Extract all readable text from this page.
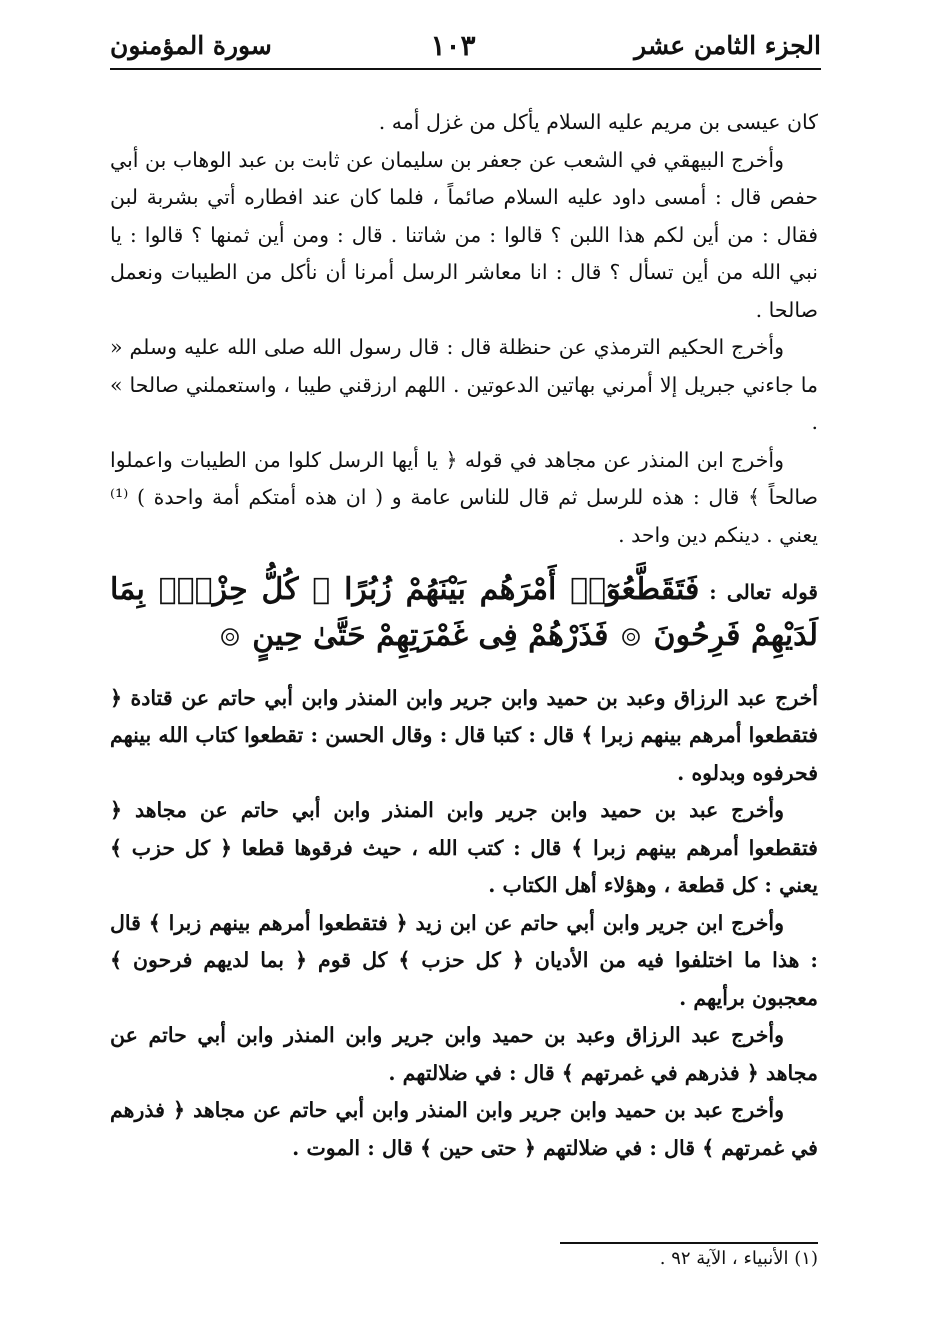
الجزء الثامن عشر
١٠٣
سورة المؤمنون

كان عيسى بن مريم عليه السلام يأكل من غزل أمه .

وأخرج البيهقي في الشعب عن جعفر بن سليمان عن ثابت بن عبد الوهاب بن أبي حفص قال : أمسى داود عليه السلام صائماً ، فلما كان عند افطاره أتي بشربة لبن فقال : من أين لكم هذا اللبن ؟ قالوا : من شاتنا . قال : ومن أين ثمنها ؟ قالوا : يا نبي الله من أين تسأل ؟ قال : انا معاشر الرسل أمرنا أن نأكل من الطيبات ونعمل صالحا .

وأخرج الحكيم الترمذي عن حنظلة قال : قال رسول الله صلى الله عليه وسلم « ما جاءني جبريل إلا أمرني بهاتين الدعوتين . اللهم ارزقني طيبا ، واستعملني صالحا » .

وأخرج ابن المنذر عن مجاهد في قوله ﴿ يا أيها الرسل كلوا من الطيبات واعملوا صالحاً ﴾ قال : هذه للرسل ثم قال للناس عامة و ( ان هذه أمتكم أمة واحدة ) ⁽¹⁾ يعني . دينكم دين واحد .

قوله تعالى : فَتَقَطَّعُوٓا۟ أَمْرَهُم بَيْنَهُمْ زُبُرًا ۖ كُلُّ حِزْبٍۭ بِمَا لَدَيْهِمْ فَرِحُونَ  فَذَرْهُمْ فِى غَمْرَتِهِمْ حَتَّىٰ حِينٍ

أخرج عبد الرزاق وعبد بن حميد وابن جرير وابن المنذر وابن أبي حاتم عن قتادة ﴿ فتقطعوا أمرهم بينهم زبرا ﴾ قال : كتبا قال : وقال الحسن : تقطعوا كتاب الله بينهم فحرفوه وبدلوه .

وأخرج عبد بن حميد وابن جرير وابن المنذر وابن أبي حاتم عن مجاهد ﴿ فتقطعوا أمرهم بينهم زبرا ﴾ قال : كتب الله ، حيث فرقوها قطعا ﴿ كل حزب ﴾ يعني : كل قطعة ، وهؤلاء أهل الكتاب .

وأخرج ابن جرير وابن أبي حاتم عن ابن زيد ﴿ فتقطعوا أمرهم بينهم زبرا ﴾ قال : هذا ما اختلفوا فيه من الأديان ﴿ كل حزب ﴾ كل قوم ﴿ بما لديهم فرحون ﴾ معجبون برأيهم .

وأخرج عبد الرزاق وعبد بن حميد وابن جرير وابن المنذر وابن أبي حاتم عن مجاهد ﴿ فذرهم في غمرتهم ﴾ قال : في ضلالتهم .

وأخرج عبد بن حميد وابن جرير وابن المنذر وابن أبي حاتم عن مجاهد ﴿ فذرهم في غمرتهم ﴾ قال : في ضلالتهم ﴿ حتى حين ﴾ قال : الموت .

(١) الأنبياء ، الآية ٩٢ .
